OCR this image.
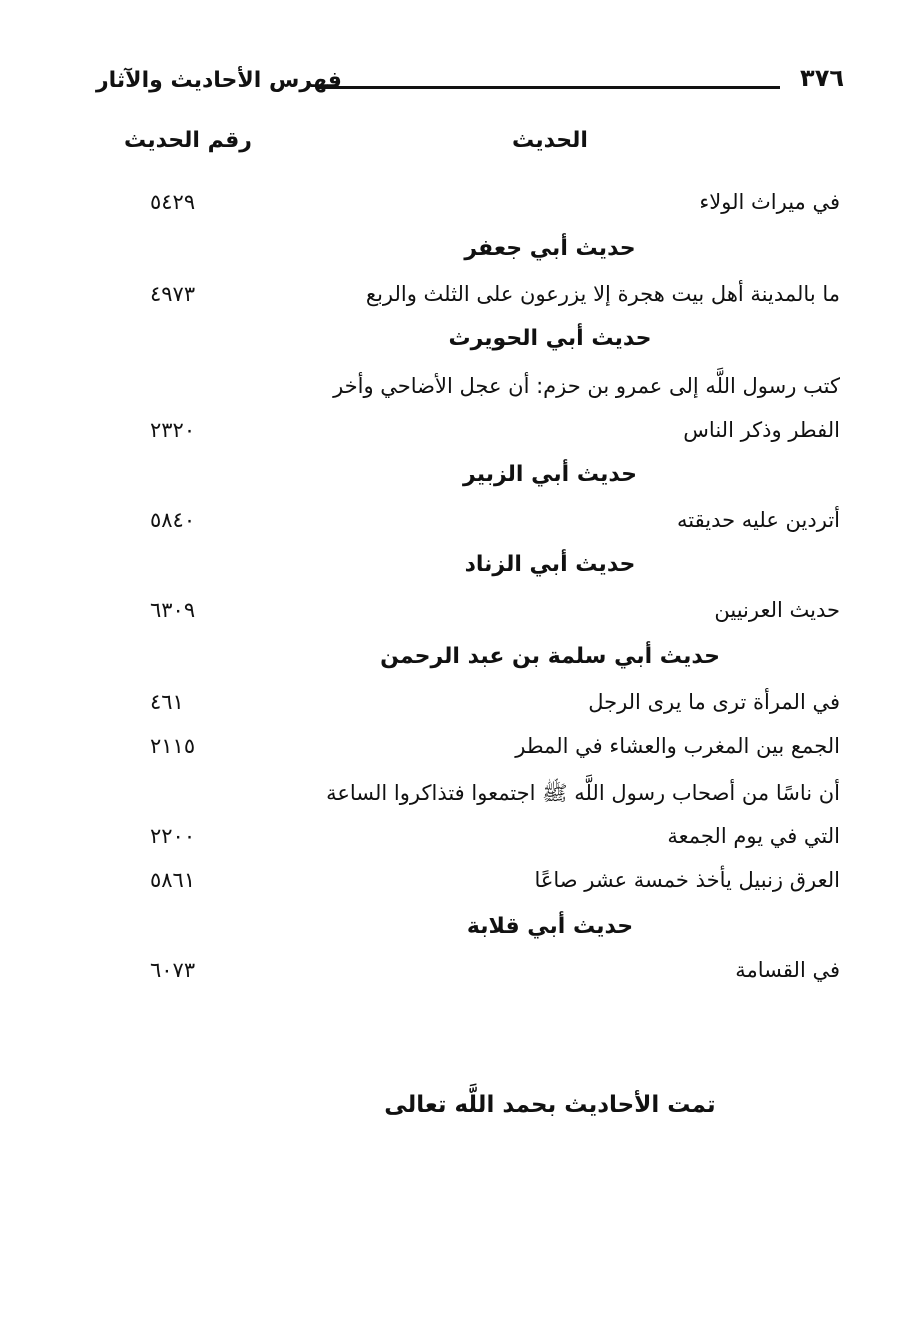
٣٧٦
فهرس الأحاديث والآثار
الحديث
رقم الحديث
في ميراث الولاء
٥٤٢٩
حديث أبي جعفر
ما بالمدينة أهل بيت هجرة إلا يزرعون على الثلث والربع
٤٩٧٣
حديث أبي الحويرث
كتب رسول اللَّه إلى عمرو بن حزم: أن عجل الأضاحي وأخر
الفطر وذكر الناس
٢٣٢٠
حديث أبي الزبير
أتردين عليه حديقته
٥٨٤٠
حديث أبي الزناد
حديث العرنيين
٦٣٠٩
حديث أبي سلمة بن عبد الرحمن
في المرأة ترى ما يرى الرجل
٤٦١
الجمع بين المغرب والعشاء في المطر
٢١١٥
أن ناسًا من أصحاب رسول اللَّه ﷺ اجتمعوا فتذاكروا الساعة
التي في يوم الجمعة
٢٢٠٠
العرق زنبيل يأخذ خمسة عشر صاعًا
٥٨٦١
حديث أبي قلابة
في القسامة
٦٠٧٣
تمت الأحاديث بحمد اللَّه تعالى
